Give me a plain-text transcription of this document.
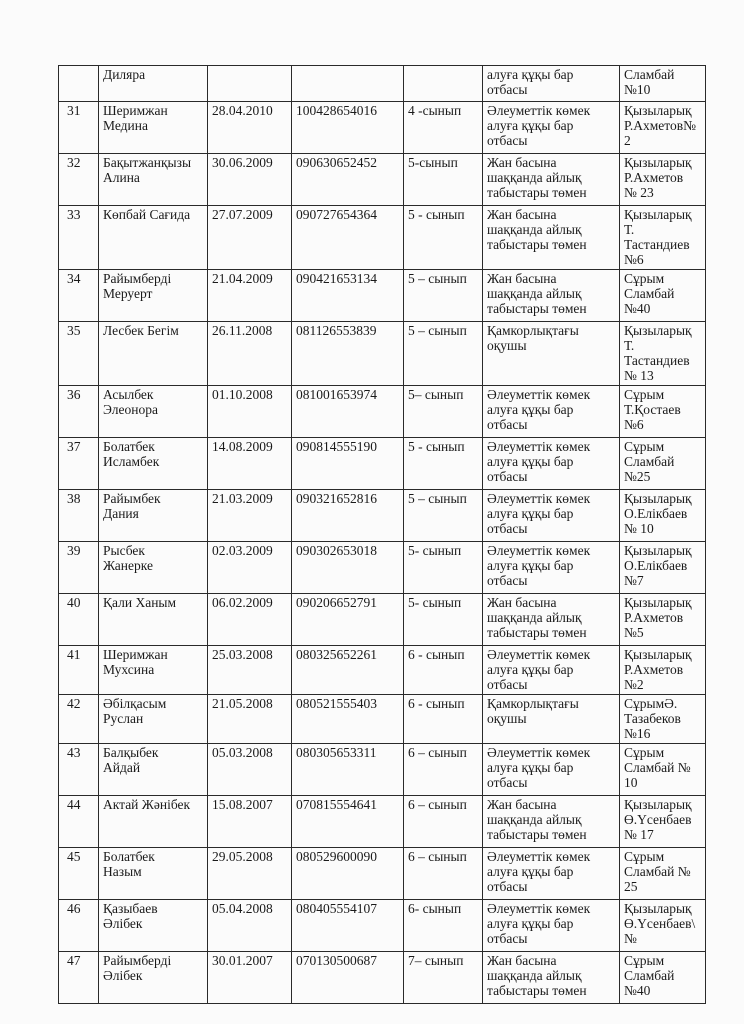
	Диляра				алуға құқы бар
отбасы	Сламбай №10
31	Шеримжан
Медина	28.04.2010	100428654016	4 -сынып	Әлеуметтік көмек
алуға құқы бар
отбасы	Қызыларық
Р.Ахметов№2
32	Бақытжанқызы
Алина	30.06.2009	090630652452	5-сынып	Жан басына
шаққанда айлық
табыстары төмен	Қызыларық
Р.Ахметов
№ 23
33	Көпбай Сағида	27.07.2009	090727654364	5 - сынып	Жан басына
шаққанда айлық
табыстары төмен	Қызыларық Т.
Тастандиев №6
34	Райымберді
Меруерт	21.04.2009	090421653134	5 – сынып	Жан басына
шаққанда айлық
табыстары төмен	Сұрым
Сламбай №40
35	Лесбек Бегім	26.11.2008	081126553839	5 – сынып	Қамкорлықтағы
оқушы	Қызыларық Т.
Тастандиев
№ 13
36	Асылбек
Элеонора	01.10.2008	081001653974	5– сынып	Әлеуметтік көмек
алуға құқы бар
отбасы	Сұрым
Т.Қостаев №6
37	Болатбек
Исламбек	14.08.2009	090814555190	5 - сынып	Әлеуметтік көмек
алуға құқы бар
отбасы	Сұрым
Сламбай №25
38	Райымбек
Дания	21.03.2009	090321652816	5 – сынып	Әлеуметтік көмек
алуға құқы бар
отбасы	Қызыларық
О.Елікбаев
№ 10
39	Рысбек
Жанерке	02.03.2009	090302653018	5- сынып	Әлеуметтік көмек
алуға құқы бар
отбасы	Қызыларық
О.Елікбаев №7
40	Қали Ханым	06.02.2009	090206652791	5- сынып	Жан басына
шаққанда айлық
табыстары төмен	Қызыларық
Р.Ахметов
№5
41	Шеримжан
Мухсина	25.03.2008	080325652261	6 - сынып	Әлеуметтік көмек
алуға құқы бар
отбасы	Қызыларық
Р.Ахметов №2
42	Әбілқасым
Руслан	21.05.2008	080521555403	6 - сынып	Қамкорлықтағы
оқушы	СұрымӘ.
Тазабеков №16
43	Балқыбек
Айдай	05.03.2008	080305653311	6 – сынып	Әлеуметтік көмек
алуға құқы бар
отбасы	Сұрым
Сламбай № 10
44	Актай Жәнібек	15.08.2007	070815554641	6 – сынып	Жан басына
шаққанда айлық
табыстары төмен	Қызыларық
Ө.Үсенбаев
№ 17
45	Болатбек
Назым	29.05.2008	080529600090	6 – сынып	Әлеуметтік көмек
алуға құқы бар
отбасы	Сұрым
Сламбай № 25
46	Қазыбаев
Әлібек	05.04.2008	080405554107	6- сынып	Әлеуметтік көмек
алуға құқы бар
отбасы	Қызыларық
Ө.Үсенбаев\
№
47	Райымберді
Әлібек	30.01.2007	070130500687	7– сынып	Жан басына
шаққанда айлық
табыстары төмен	Сұрым
Сламбай №40
